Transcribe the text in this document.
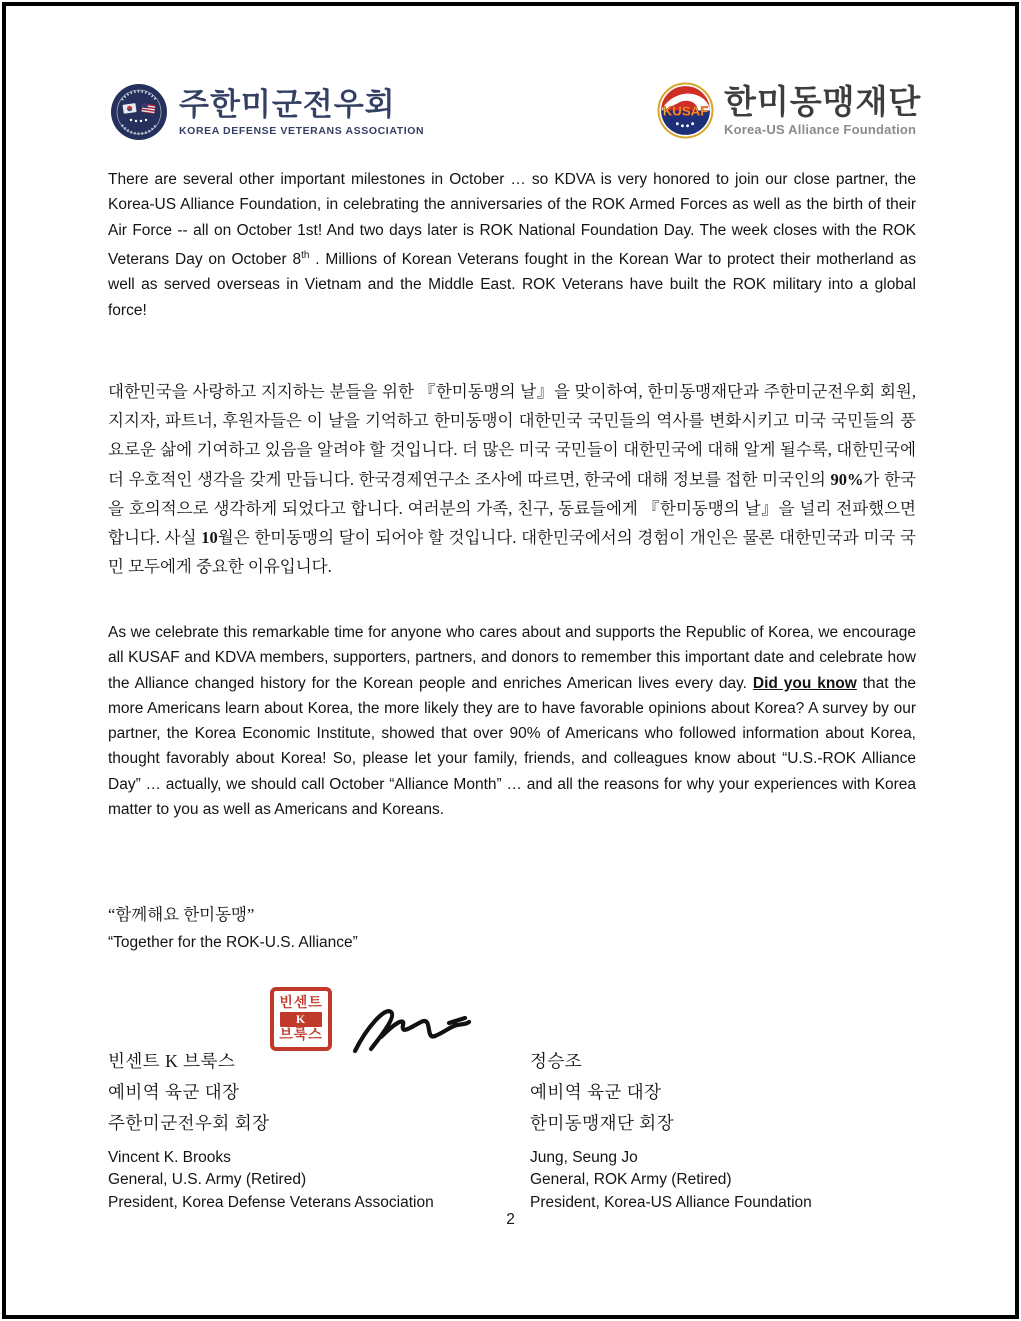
주한미군전우회
KOREA DEFENSE VETERANS ASSOCIATION
KUSAF 한미동맹재단
Korea-US Alliance Foundation

There are several other important milestones in October … so KDVA is very honored to join our close partner, the Korea-US Alliance Foundation, in celebrating the anniversaries of the ROK Armed Forces as well as the birth of their Air Force -- all on October 1st! And two days later is ROK National Foundation Day. The week closes with the ROK Veterans Day on October 8th . Millions of Korean Veterans fought in the Korean War to protect their motherland as well as served overseas in Vietnam and the Middle East. ROK Veterans have built the ROK military into a global force!

대한민국을 사랑하고 지지하는 분들을 위한 『한미동맹의 날』을 맞이하여, 한미동맹재단과 주한미군전우회 회원, 지지자, 파트너, 후원자들은 이 날을 기억하고 한미동맹이 대한민국 국민들의 역사를 변화시키고 미국 국민들의 풍요로운 삶에 기여하고 있음을 알려야 할 것입니다. 더 많은 미국 국민들이 대한민국에 대해 알게 될수록, 대한민국에 더 우호적인 생각을 갖게 만듭니다. 한국경제연구소 조사에 따르면, 한국에 대해 정보를 접한 미국인의 90%가 한국을 호의적으로 생각하게 되었다고 합니다. 여러분의 가족, 친구, 동료들에게 『한미동맹의 날』을 널리 전파했으면 합니다. 사실 10월은 한미동맹의 달이 되어야 할 것입니다. 대한민국에서의 경험이 개인은 물론 대한민국과 미국 국민 모두에게 중요한 이유입니다.

As we celebrate this remarkable time for anyone who cares about and supports the Republic of Korea, we encourage all KUSAF and KDVA members, supporters, partners, and donors to remember this important date and celebrate how the Alliance changed history for the Korean people and enriches American lives every day. Did you know that the more Americans learn about Korea, the more likely they are to have favorable opinions about Korea? A survey by our partner, the Korea Economic Institute, showed that over 90% of Americans who followed information about Korea, thought favorably about Korea! So, please let your family, friends, and colleagues know about “U.S.-ROK Alliance Day” … actually, we should call October “Alliance Month” … and all the reasons for why your experiences with Korea matter to you as well as Americans and Koreans.

“함께해요 한미동맹”
“Together for the ROK-U.S. Alliance”
빈센트
K
브룩스
빈센트 K 브룩스
예비역 육군 대장
주한미군전우회 회장
정승조
예비역 육군 대장
한미동맹재단 회장
Vincent K. Brooks
General, U.S. Army (Retired)
President, Korea Defense Veterans Association
Jung, Seung Jo
General, ROK Army (Retired)
President, Korea-US Alliance Foundation
2
